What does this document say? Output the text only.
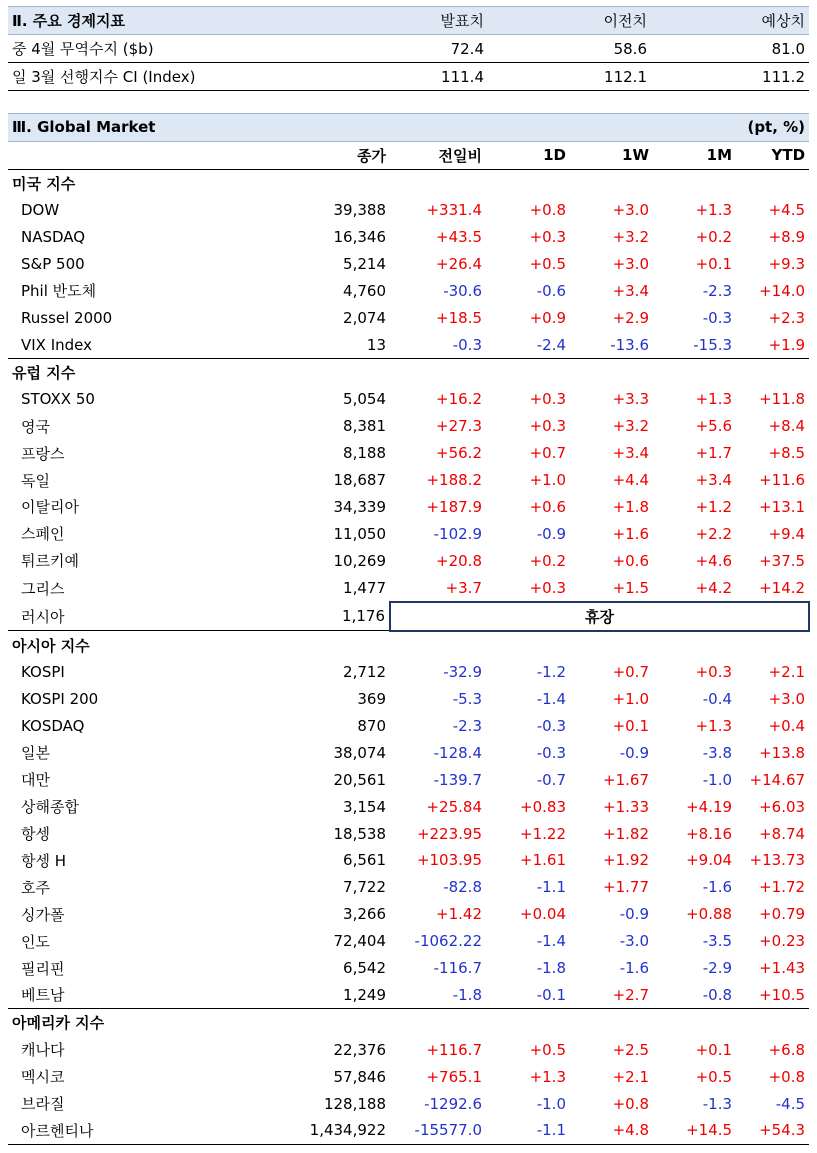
Ⅱ. 주요 경제지표	발표치	이전치	예상치
중 4월 무역수지 ($b)	72.4	58.6	81.0
일 3월 선행지수 CI (Index)	111.4	112.1	111.2
Ⅲ. Global Market						(pt, %)
	종가	전일비	1D	1W	1M	YTD
미국 지수						
DOW	39,388	+331.4	+0.8	+3.0	+1.3	+4.5
NASDAQ	16,346	+43.5	+0.3	+3.2	+0.2	+8.9
S&P 500	5,214	+26.4	+0.5	+3.0	+0.1	+9.3
Phil 반도체	4,760	-30.6	-0.6	+3.4	-2.3	+14.0
Russel 2000	2,074	+18.5	+0.9	+2.9	-0.3	+2.3
VIX Index	13	-0.3	-2.4	-13.6	-15.3	+1.9
유럽 지수						
STOXX 50	5,054	+16.2	+0.3	+3.3	+1.3	+11.8
영국	8,381	+27.3	+0.3	+3.2	+5.6	+8.4
프랑스	8,188	+56.2	+0.7	+3.4	+1.7	+8.5
독일	18,687	+188.2	+1.0	+4.4	+3.4	+11.6
이탈리아	34,339	+187.9	+0.6	+1.8	+1.2	+13.1
스페인	11,050	-102.9	-0.9	+1.6	+2.2	+9.4
튀르키예	10,269	+20.8	+0.2	+0.6	+4.6	+37.5
그리스	1,477	+3.7	+0.3	+1.5	+4.2	+14.2
러시아	1,176	휴장				
아시아 지수						
KOSPI	2,712	-32.9	-1.2	+0.7	+0.3	+2.1
KOSPI 200	369	-5.3	-1.4	+1.0	-0.4	+3.0
KOSDAQ	870	-2.3	-0.3	+0.1	+1.3	+0.4
일본	38,074	-128.4	-0.3	-0.9	-3.8	+13.8
대만	20,561	-139.7	-0.7	+1.67	-1.0	+14.67
상해종합	3,154	+25.84	+0.83	+1.33	+4.19	+6.03
항셍	18,538	+223.95	+1.22	+1.82	+8.16	+8.74
항셍 H	6,561	+103.95	+1.61	+1.92	+9.04	+13.73
호주	7,722	-82.8	-1.1	+1.77	-1.6	+1.72
싱가폴	3,266	+1.42	+0.04	-0.9	+0.88	+0.79
인도	72,404	-1062.22	-1.4	-3.0	-3.5	+0.23
필리핀	6,542	-116.7	-1.8	-1.6	-2.9	+1.43
베트남	1,249	-1.8	-0.1	+2.7	-0.8	+10.5
아메리카 지수						
캐나다	22,376	+116.7	+0.5	+2.5	+0.1	+6.8
멕시코	57,846	+765.1	+1.3	+2.1	+0.5	+0.8
브라질	128,188	-1292.6	-1.0	+0.8	-1.3	-4.5
아르헨티나	1,434,922	-15577.0	-1.1	+4.8	+14.5	+54.3
